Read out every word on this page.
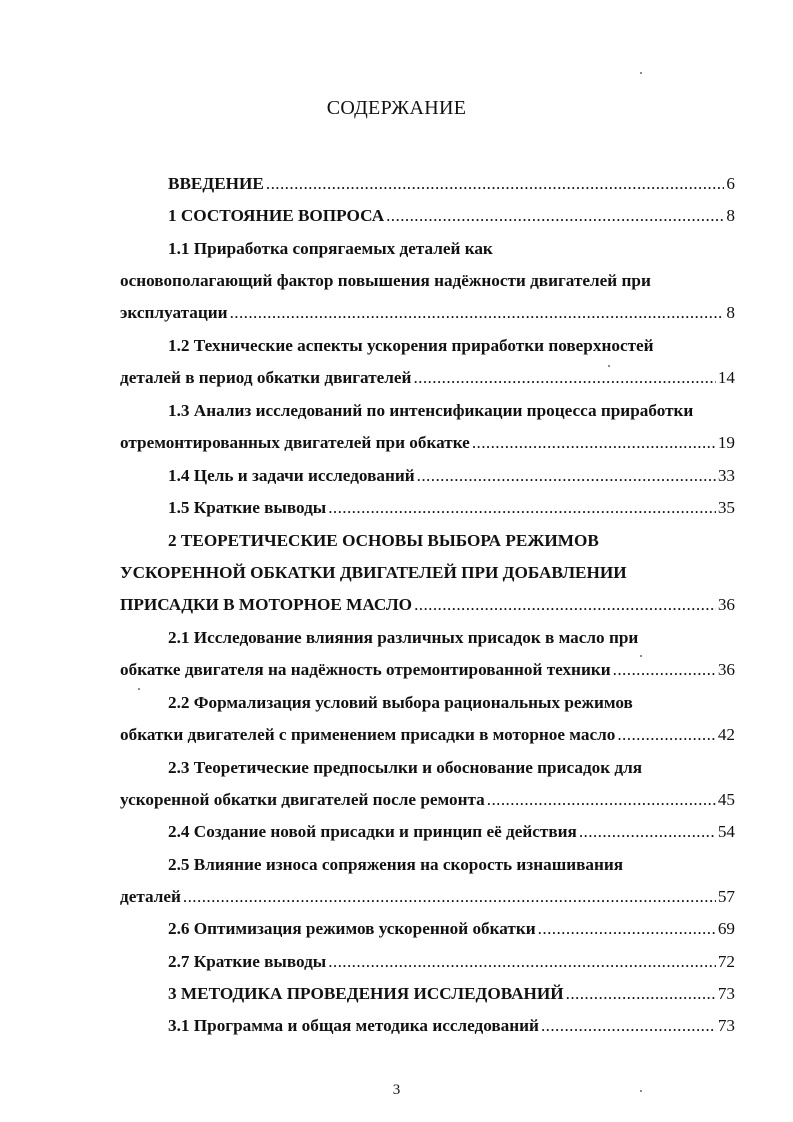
СОДЕРЖАНИЕ
ВВЕДЕНИЕ .....	6
1 СОСТОЯНИЕ ВОПРОСА .....	8
1.1 Приработка сопрягаемых деталей как
основополагающий фактор повышения надёжности двигателей при
эксплуатации .....	8
1.2 Технические аспекты ускорения приработки поверхностей
деталей в период обкатки двигателей .....	14
1.3 Анализ исследований по интенсификации процесса приработки
отремонтированных двигателей при обкатке .....	19
1.4 Цель и задачи исследований .....	33
1.5 Краткие выводы .....	35
2 ТЕОРЕТИЧЕСКИЕ ОСНОВЫ ВЫБОРА РЕЖИМОВ
УСКОРЕННОЙ ОБКАТКИ ДВИГАТЕЛЕЙ ПРИ ДОБАВЛЕНИИ
ПРИСАДКИ В МОТОРНОЕ МАСЛО .....	36
2.1 Исследование влияния различных присадок в масло при
обкатке двигателя на надёжность отремонтированной техники .....	36
2.2 Формализация условий выбора рациональных режимов
обкатки двигателей с применением присадки в моторное масло .....	42
2.3 Теоретические предпосылки и обоснование присадок для
ускоренной обкатки двигателей после ремонта .....	45
2.4 Создание новой присадки и принцип её действия .....	54
2.5 Влияние износа сопряжения на скорость изнашивания
деталей .....	57
2.6 Оптимизация режимов ускоренной обкатки .....	69
2.7 Краткие выводы .....	72
3 МЕТОДИКА ПРОВЕДЕНИЯ ИССЛЕДОВАНИЙ .....	73
3.1 Программа и общая методика исследований .....	73
3
